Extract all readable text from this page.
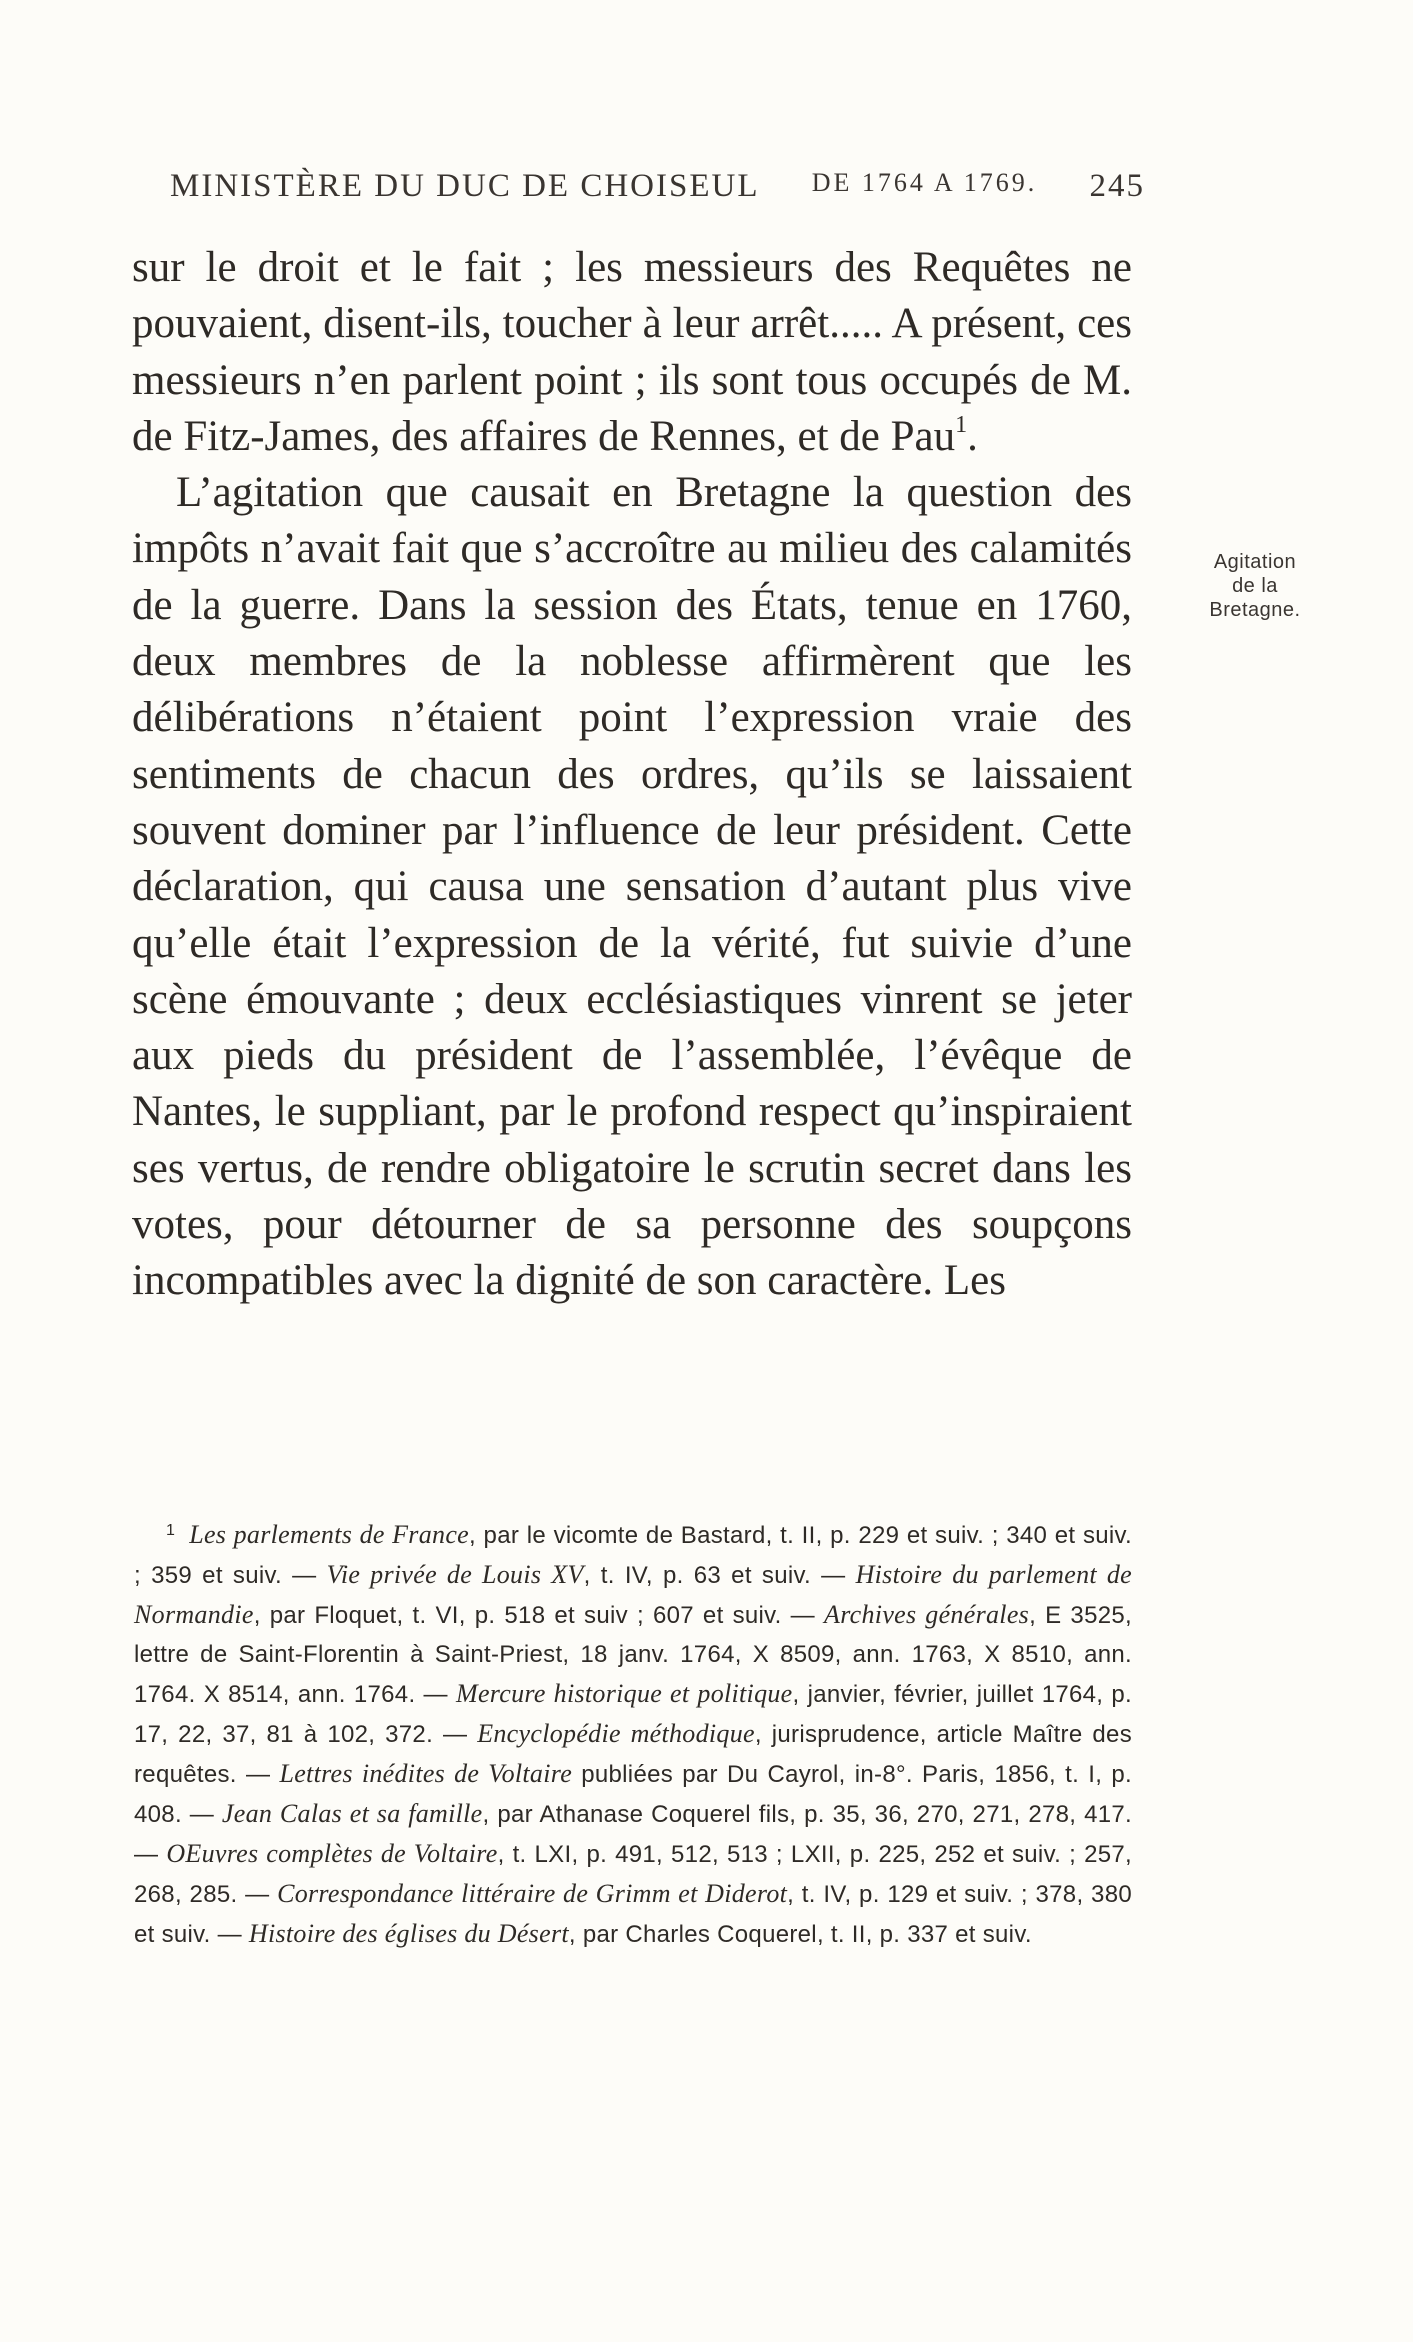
MINISTÈRE DU DUC DE CHOISEUL DE 1764 A 1769. 245

sur le droit et le fait ; les messieurs des Requêtes ne pouvaient, disent-ils, toucher à leur arrêt..... A présent, ces messieurs n’en parlent point ; ils sont tous occupés de M. de Fitz-James, des affaires de Rennes, et de Pau$^1$.

L’agitation que causait en Bretagne la question des impôts n’avait fait que s’accroître au milieu des calamités de la guerre. Dans la session des États, tenue en 1760, deux membres de la noblesse affirmèrent que les délibérations n’étaient point l’expression vraie des sentiments de chacun des ordres, qu’ils se laissaient souvent dominer par l’influence de leur président. Cette déclaration, qui causa une sensation d’autant plus vive qu’elle était l’expression de la vérité, fut suivie d’une scène émouvante ; deux ecclésiastiques vinrent se jeter aux pieds du président de l’assemblée, l’évêque de Nantes, le suppliant, par le profond respect qu’inspiraient ses vertus, de rendre obligatoire le scrutin secret dans les votes, pour détourner de sa personne des soupçons incompatibles avec la dignité de son caractère. Les

Agitation
de la
Bretagne.

$^1$ Les parlements de France, par le vicomte de Bastard, t. II, p. 229 et suiv. ; 340 et suiv. ; 359 et suiv. — Vie privée de Louis XV, t. IV, p. 63 et suiv. — Histoire du parlement de Normandie, par Floquet, t. VI, p. 518 et suiv ; 607 et suiv. — Archives générales, E 3525, lettre de Saint-Florentin à Saint-Priest, 18 janv. 1764, X 8509, ann. 1763, X 8510, ann. 1764. X 8514, ann. 1764. — Mercure historique et politique, janvier, février, juillet 1764, p. 17, 22, 37, 81 à 102, 372. — Encyclopédie méthodique, jurisprudence, article Maître des requêtes. — Lettres inédites de Voltaire publiées par Du Cayrol, in-8°. Paris, 1856, t. I, p. 408. — Jean Calas et sa famille, par Athanase Coquerel fils, p. 35, 36, 270, 271, 278, 417. — OEuvres complètes de Voltaire, t. LXI, p. 491, 512, 513 ; LXII, p. 225, 252 et suiv. ; 257, 268, 285. — Correspondance littéraire de Grimm et Diderot, t. IV, p. 129 et suiv. ; 378, 380 et suiv. — Histoire des églises du Désert, par Charles Coquerel, t. II, p. 337 et suiv.
